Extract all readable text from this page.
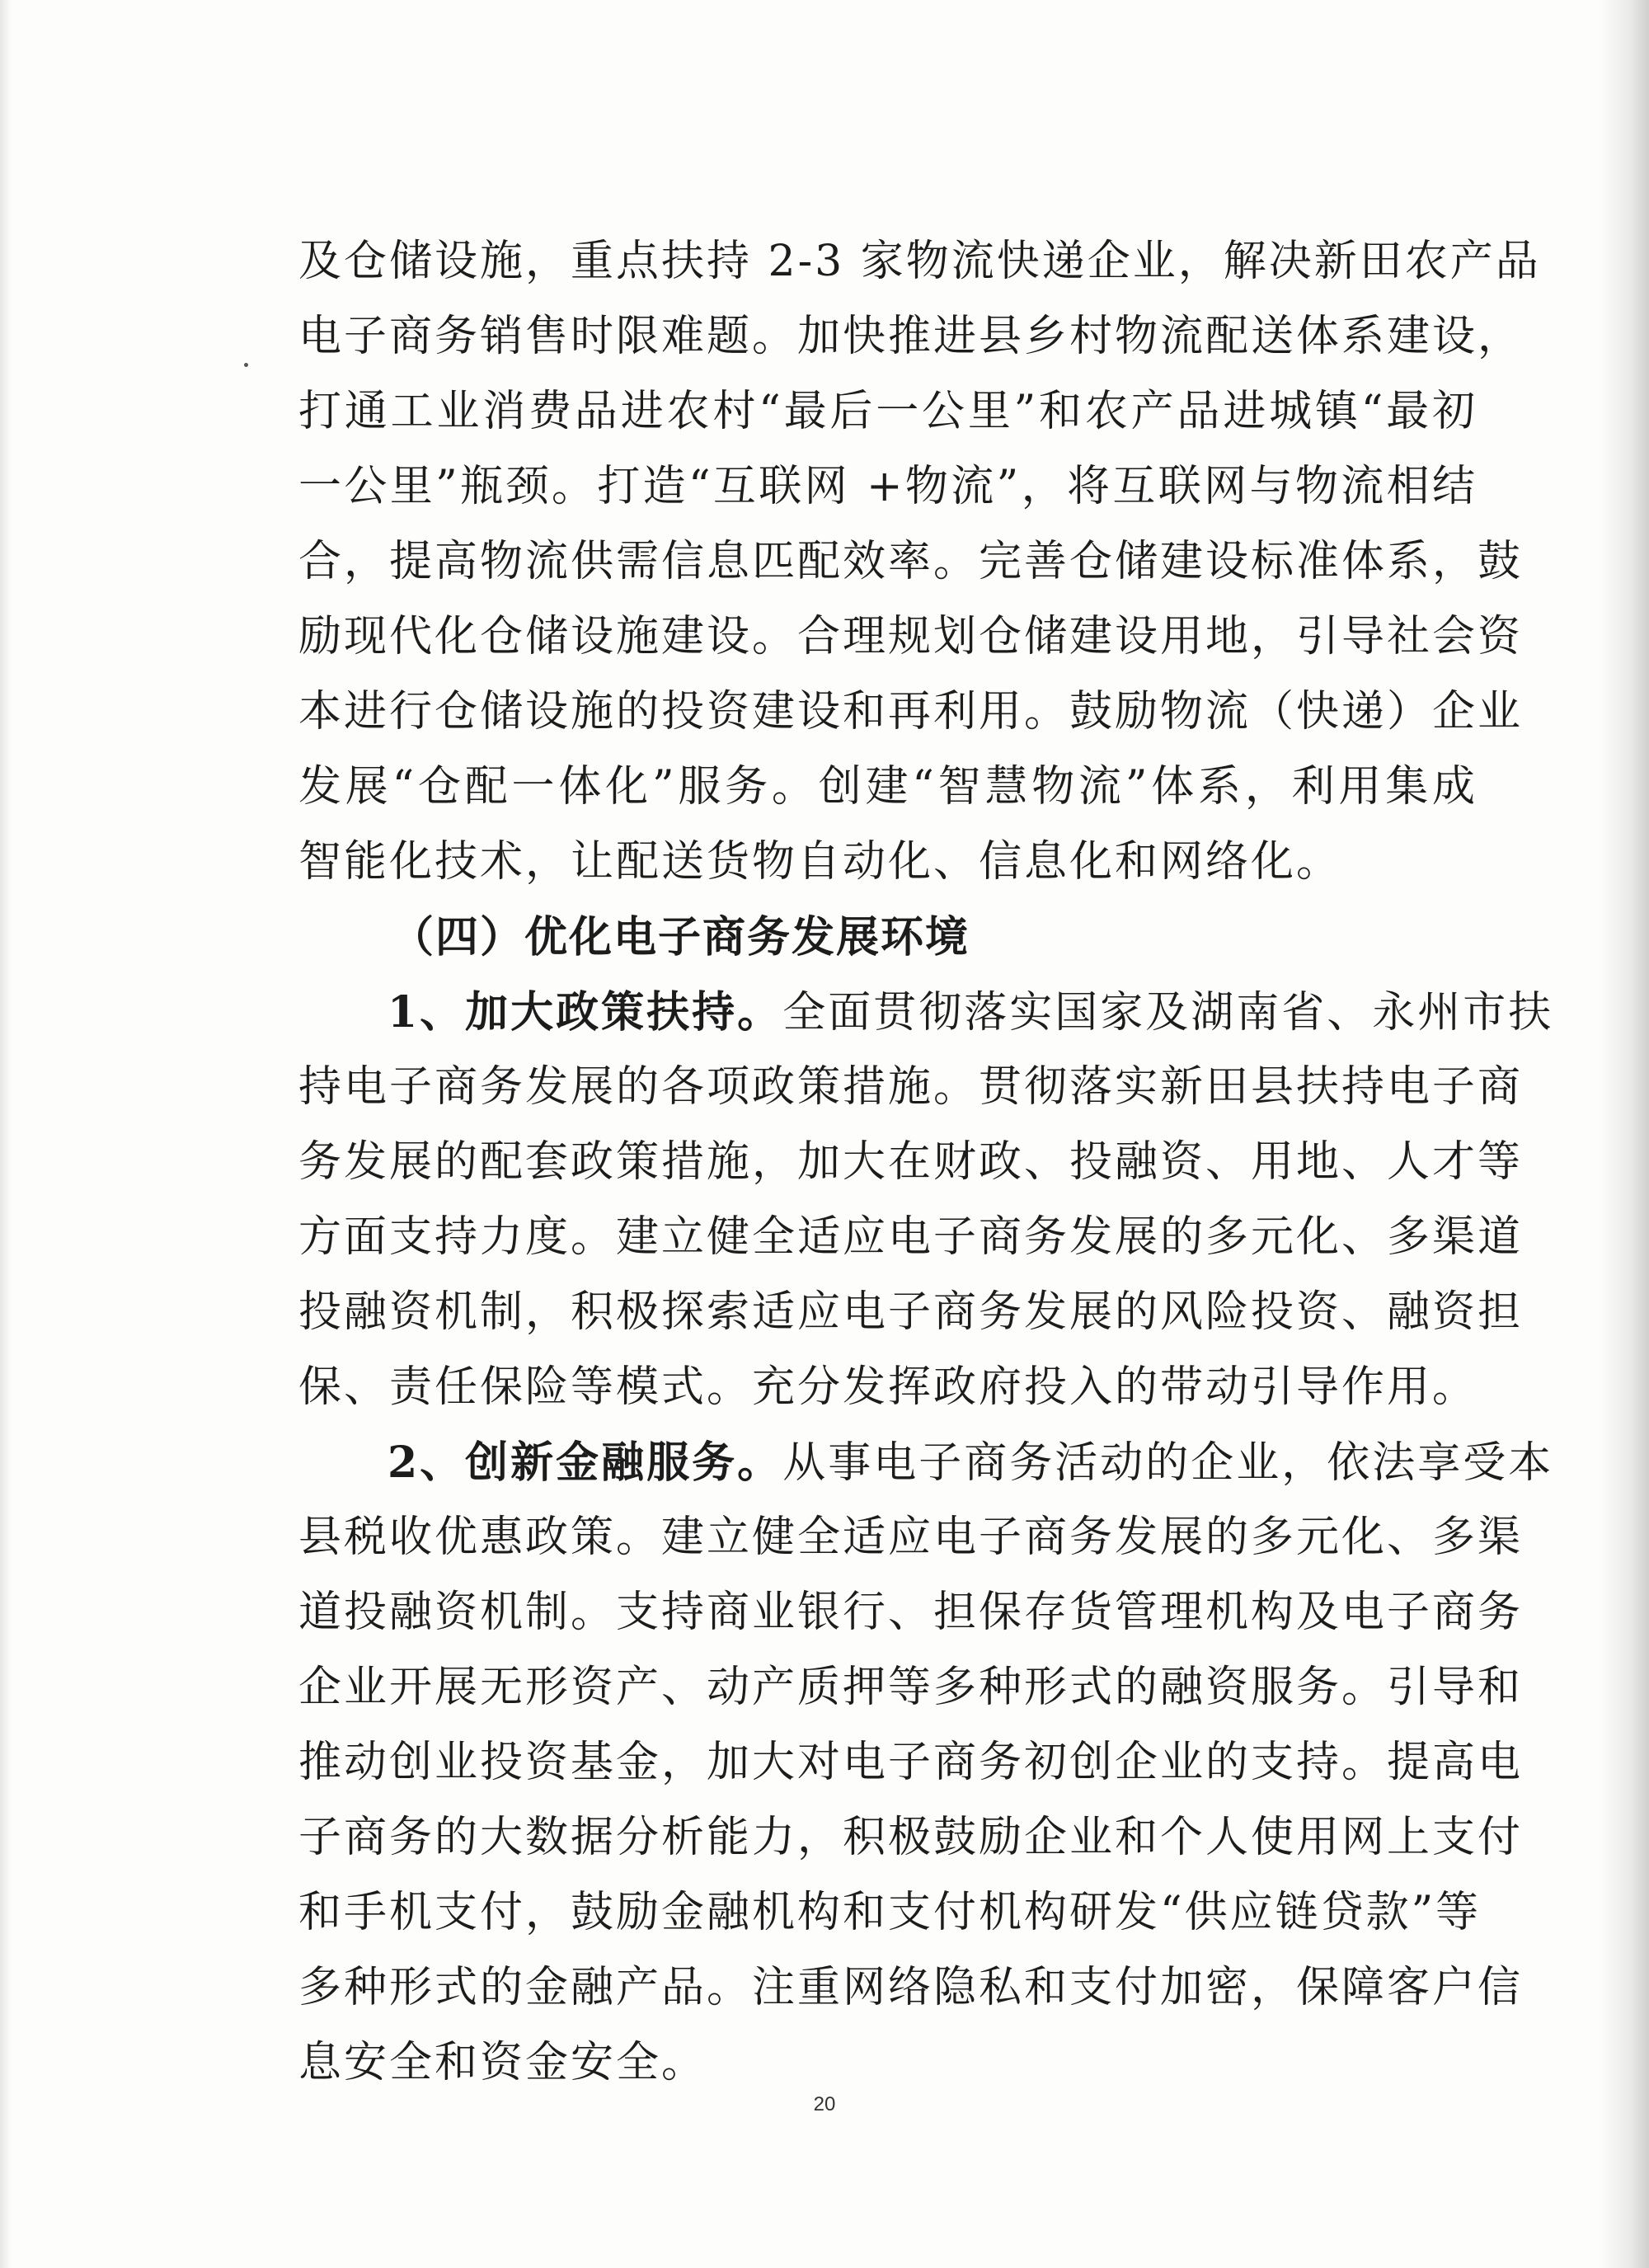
及仓储设施，重点扶持 2-3 家物流快递企业，解决新田农产品
电子商务销售时限难题。加快推进县乡村物流配送体系建设，
打通工业消费品进农村“最后一公里”和农产品进城镇“最初
一公里”瓶颈。打造“互联网 +物流”，将互联网与物流相结
合，提高物流供需信息匹配效率。完善仓储建设标准体系，鼓
励现代化仓储设施建设。合理规划仓储建设用地，引导社会资
本进行仓储设施的投资建设和再利用。鼓励物流（快递）企业
发展“仓配一体化”服务。创建“智慧物流”体系，利用集成
智能化技术，让配送货物自动化、信息化和网络化。
（四）优化电子商务发展环境
1、加大政策扶持。全面贯彻落实国家及湖南省、永州市扶
持电子商务发展的各项政策措施。贯彻落实新田县扶持电子商
务发展的配套政策措施，加大在财政、投融资、用地、人才等
方面支持力度。建立健全适应电子商务发展的多元化、多渠道
投融资机制，积极探索适应电子商务发展的风险投资、融资担
保、责任保险等模式。充分发挥政府投入的带动引导作用。
2、创新金融服务。从事电子商务活动的企业，依法享受本
县税收优惠政策。建立健全适应电子商务发展的多元化、多渠
道投融资机制。支持商业银行、担保存货管理机构及电子商务
企业开展无形资产、动产质押等多种形式的融资服务。引导和
推动创业投资基金，加大对电子商务初创企业的支持。提高电
子商务的大数据分析能力，积极鼓励企业和个人使用网上支付
和手机支付，鼓励金融机构和支付机构研发“供应链贷款”等
多种形式的金融产品。注重网络隐私和支付加密，保障客户信
息安全和资金安全。
20
